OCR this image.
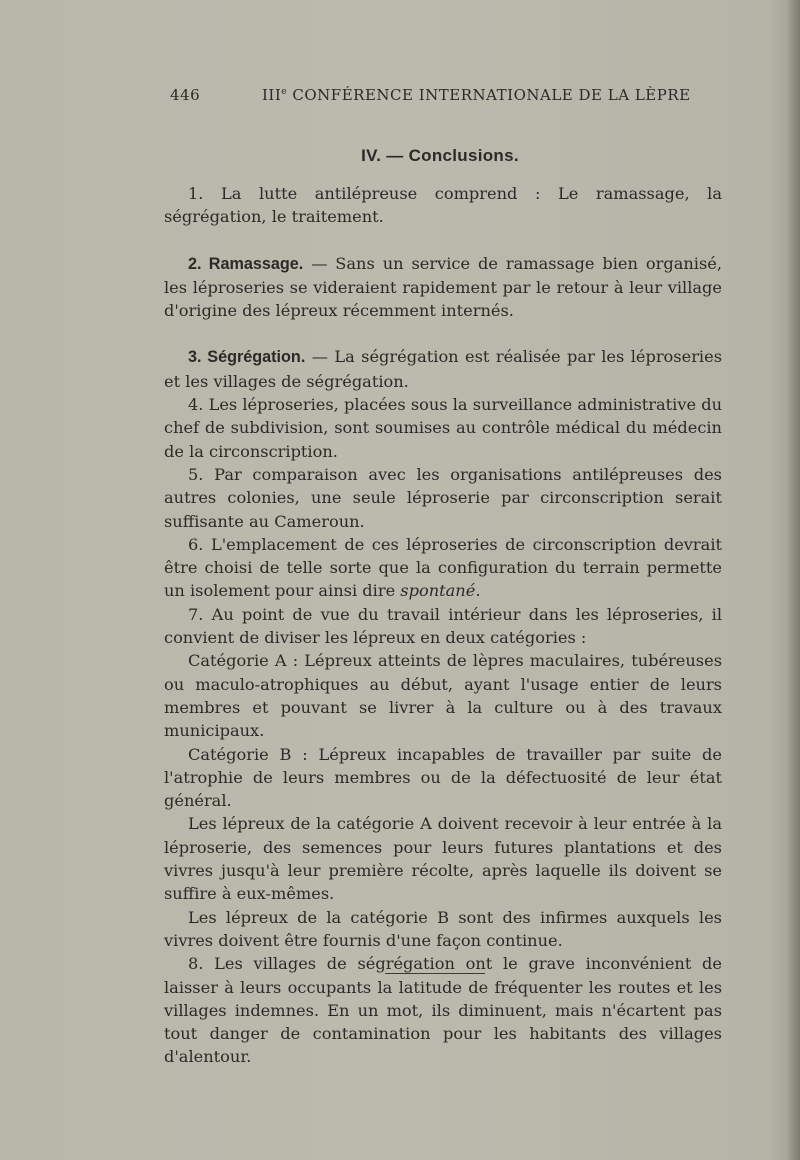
446	IIIe CONFÉRENCE INTERNATIONALE DE LA LÈPRE
IV. — Conclusions.

1. La lutte antilépreuse comprend : Le ramassage, la ségrégation, le traitement.

2. Ramassage. — Sans un service de ramassage bien organisé, les léproseries se videraient rapidement par le retour à leur village d'origine des lépreux récemment internés.

3. Ségrégation. — La ségrégation est réalisée par les léproseries et les villages de ségrégation.

4. Les léproseries, placées sous la surveillance administrative du chef de subdivision, sont soumises au contrôle médical du médecin de la circonscription.

5. Par comparaison avec les organisations antilépreuses des autres colonies, une seule léproserie par circonscription serait suffisante au Cameroun.

6. L'emplacement de ces léproseries de circonscription devrait être choisi de telle sorte que la configuration du terrain permette un isolement pour ainsi dire spontané.

7. Au point de vue du travail intérieur dans les léproseries, il convient de diviser les lépreux en deux catégories :

Catégorie A : Lépreux atteints de lèpres maculaires, tubéreuses ou maculo-atrophiques au début, ayant l'usage entier de leurs membres et pouvant se livrer à la culture ou à des travaux municipaux.

Catégorie B : Lépreux incapables de travailler par suite de l'atrophie de leurs membres ou de la défectuosité de leur état général.

Les lépreux de la catégorie A doivent recevoir à leur entrée à la léproserie, des semences pour leurs futures plantations et des vivres jusqu'à leur première récolte, après laquelle ils doivent se suffire à eux-mêmes.

Les lépreux de la catégorie B sont des infirmes auxquels les vivres doivent être fournis d'une façon continue.

8. Les villages de ségrégation ont le grave inconvénient de laisser à leurs occupants la latitude de fréquenter les routes et les villages indemnes. En un mot, ils diminuent, mais n'écartent pas tout danger de contamination pour les habitants des villages d'alentour.
